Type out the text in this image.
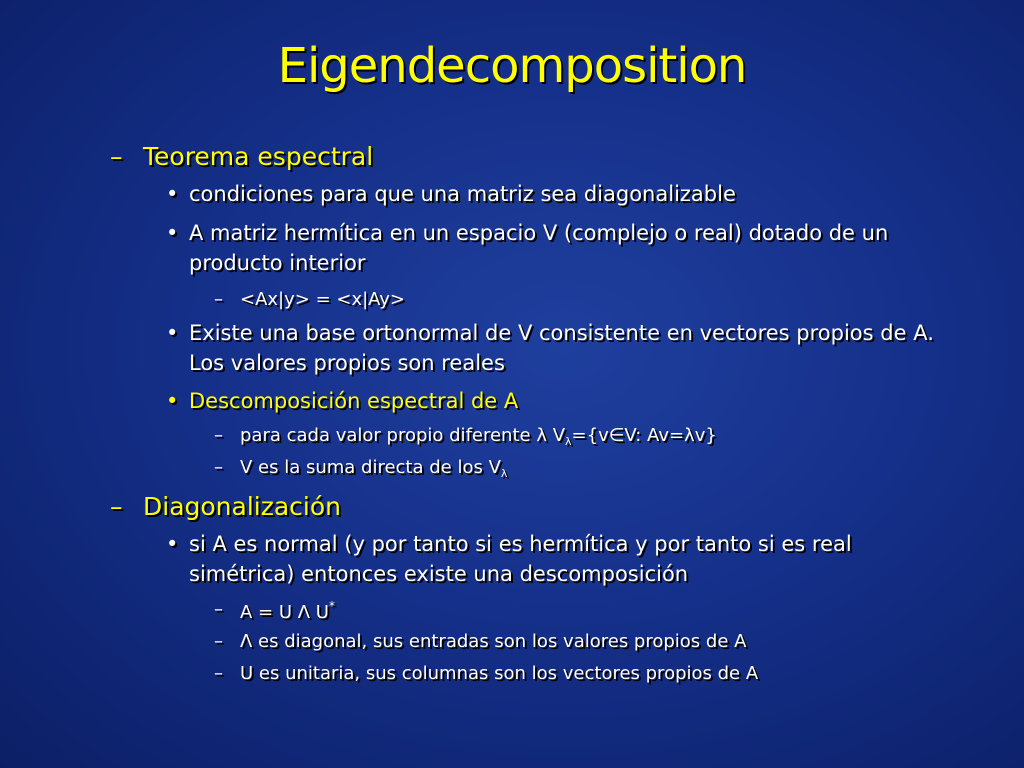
Eigendecomposition
– Teorema espectral
• condiciones para que una matriz sea diagonalizable
• A matriz hermítica en un espacio V (complejo o real) dotado de un
producto interior
– <Ax|y> = <x|Ay>
• Existe una base ortonormal de V consistente en vectores propios de A.
Los valores propios son reales
• Descomposición espectral de A
– para cada valor propio diferente λ $V_\lambda=\{v\in V$: Av=λv}
– V es la suma directa de los $V_\lambda$
– Diagonalización
• si A es normal (y por tanto si es hermítica y por tanto si es real
simétrica) entonces existe una descomposición
– A = U Λ U*
– Λ es diagonal, sus entradas son los valores propios de A
– U es unitaria, sus columnas son los vectores propios de A
